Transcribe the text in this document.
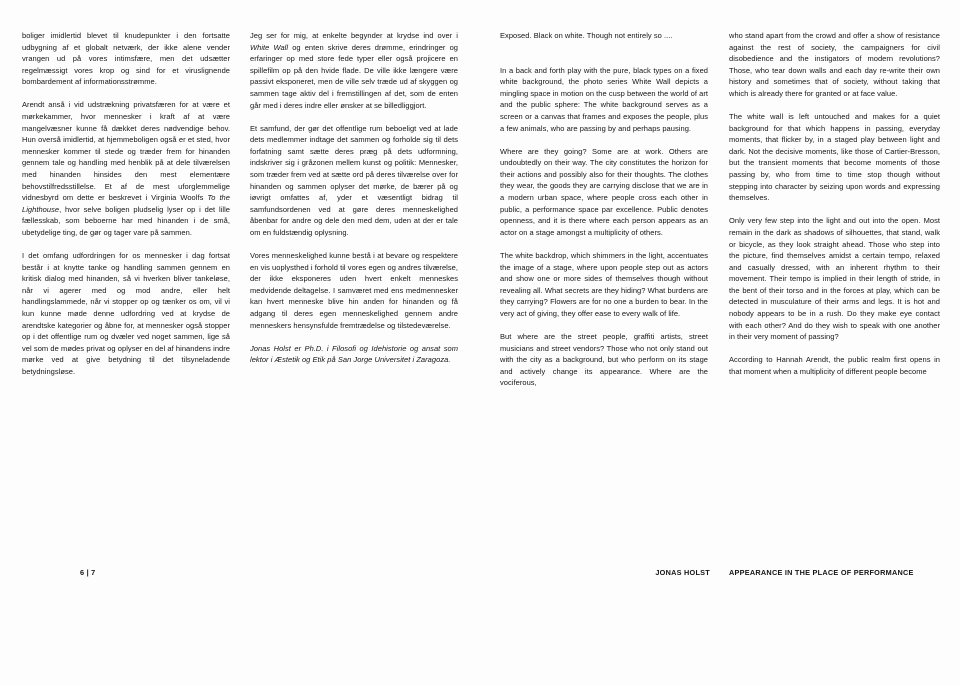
boliger imidlertid blevet til knudepunkter i den fortsatte udbygning af et globalt netværk, der ikke alene vender vrangen ud på vores intimsfære, men det udsætter regelmæssigt vores krop og sind for et viruslignende bombardement af informationsstrømme.

Arendt anså i vid udstrækning privatsfæren for at være et mørkekammer, hvor mennesker i kraft af at være mangelvæsner kunne få dækket deres nødvendige behov. Hun overså imidlertid, at hjemmeboligen også er et sted, hvor mennesker kommer til stede og træder frem for hinanden gennem tale og handling med henblik på at dele tilværelsen med hinanden hinsides den mest elementære behovstilfredsstillelse. Et af de mest uforglemmelige vidnesbyrd om dette er beskrevet i Virginia Woolfs To the Lighthouse, hvor selve boligen pludselig lyser op i det lille fællesskab, som beboerne har med hinanden i de små, ubetydelige ting, de gør og tager vare på sammen.

I det omfang udfordringen for os mennesker i dag fortsat består i at knytte tanke og handling sammen gennem en kritisk dialog med hinanden, så vi hverken bliver tankeløse, når vi agerer med og mod andre, eller helt handlingslammede, når vi stopper op og tænker os om, vil vi kun kunne møde denne udfordring ved at krydse de arendtske kategorier og åbne for, at mennesker også stopper op i det offentlige rum og dvæler ved noget sammen, lige så vel som de mødes privat og oplyser en del af hinandens indre mørke ved at give betydning til det tilsyneladende betydningsløse.

Jeg ser for mig, at enkelte begynder at krydse ind over i White Wall og enten skrive deres drømme, erindringer og erfaringer op med store fede typer eller også projicere en spillefilm op på den hvide flade. De ville ikke længere være passivt eksponeret, men de ville selv træde ud af skyggen og sammen tage aktiv del i fremstillingen af det, som de enten går med i deres indre eller ønsker at se billedliggjort.

Et samfund, der gør det offentlige rum beboeligt ved at lade dets medlemmer indtage det sammen og forholde sig til dets forfatning samt sætte deres præg på dets udformning, indskriver sig i gråzonen mellem kunst og politik: Mennesker, som træder frem ved at sætte ord på deres tilværelse over for hinanden og sammen oplyser det mørke, de bærer på og iøvrigt omfattes af, yder et væsentligt bidrag til samfundsordenen ved at gøre deres menneskelighed åbenbar for andre og dele den med dem, uden at der er tale om en fuldstændig oplysning.

Vores menneskelighed kunne bestå i at bevare og respektere en vis uoplysthed i forhold til vores egen og andres tilværelse, der ikke eksponeres uden hvert enkelt menneskes medvidende deltagelse. I samværet med ens medmennesker kan hvert menneske blive hin anden for hinanden og få adgang til deres egen menneskelighed gennem andre menneskers hensynsfulde fremtrædelse og tilstedeværelse.

Jonas Holst er Ph.D. i Filosofi og Idehistorie og ansat som lektor i Æstetik og Etik på San Jorge Universitet i Zaragoza.

Exposed. Black on white. Though not entirely so ....

In a back and forth play with the pure, black types on a fixed white background, the photo series White Wall depicts a mingling space in motion on the cusp between the world of art and the public sphere: The white background serves as a screen or a canvas that frames and exposes the people, plus a few animals, who are passing by and perhaps pausing.

Where are they going? Some are at work. Others are undoubtedly on their way. The city constitutes the horizon for their actions and possibly also for their thoughts. The clothes they wear, the goods they are carrying disclose that we are in a modern urban space, where people cross each other in public, a performance space par excellence. Public denotes openness, and it is there where each person appears as an actor on a stage amongst a multiplicity of others.

The white backdrop, which shimmers in the light, accentuates the image of a stage, where upon people step out as actors and show one or more sides of themselves though without revealing all. What secrets are they hiding? What burdens are they carrying? Flowers are for no one a burden to bear. In the very act of giving, they offer ease to every walk of life.

But where are the street people, graffiti artists, street musicians and street vendors? Those who not only stand out with the city as a background, but who perform on its stage and actively change its appearance. Where are the vociferous,

who stand apart from the crowd and offer a show of resistance against the rest of society, the campaigners for civil disobedience and the instigators of modern revolutions? Those, who tear down walls and each day re-write their own history and sometimes that of society, without taking that which is already there for granted or at face value.

The white wall is left untouched and makes for a quiet background for that which happens in passing, everyday moments, that flicker by, in a staged play between light and dark. Not the decisive moments, like those of Cartier-Bresson, but the transient moments that become moments of those passing by, who from time to time stop though without stepping into character by seizing upon words and expressing themselves.

Only very few step into the light and out into the open. Most remain in the dark as shadows of silhouettes, that stand, walk or bicycle, as they look straight ahead. Those who step into the picture, find themselves amidst a certain tempo, relaxed and casually dressed, with an inherent rhythm to their movement. Their tempo is implied in their length of stride, in the bent of their torso and in the forces at play, which can be detected in musculature of their arms and legs. It is hot and nobody appears to be in a rush. Do they make eye contact with each other? And do they wish to speak with one another in their very moment of passing?

According to Hannah Arendt, the public realm first opens in that moment when a multiplicity of different people become

6 | 7	JONAS HOLST	APPEARANCE IN THE PLACE OF PERFORMANCE
